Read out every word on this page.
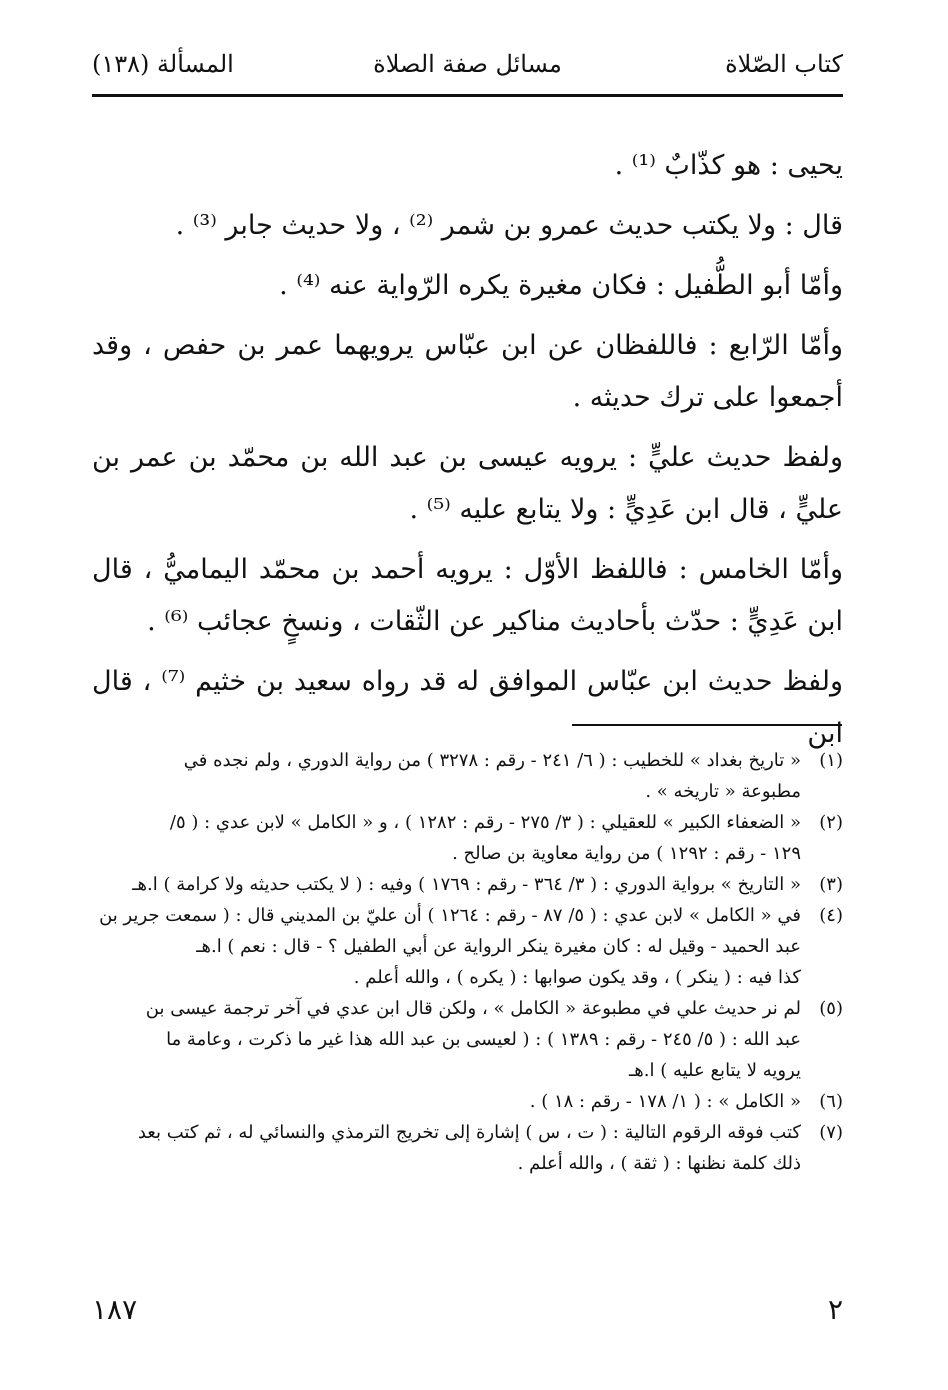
كتاب الصّلاة
مسائل صفة الصلاة
المسألة (١٣٨)

يحيى : هو كذّابٌ ⁽¹⁾ .

قال : ولا يكتب حديث عمرو بن شمر ⁽²⁾ ، ولا حديث جابر ⁽³⁾ .

وأمّا أبو الطُّفيل : فكان مغيرة يكره الرّواية عنه ⁽⁴⁾ .

وأمّا الرّابع : فاللفظان عن ابن عبّاس يرويهما عمر بن حفص ، وقد أجمعوا على ترك حديثه .

ولفظ حديث عليٍّ : يرويه عيسى بن عبد الله بن محمّد بن عمر بن عليٍّ ، قال ابن عَدِيٍّ : ولا يتابع عليه ⁽⁵⁾ .

وأمّا الخامس : فاللفظ الأوّل : يرويه أحمد بن محمّد اليماميُّ ، قال ابن عَدِيٍّ : حدّث بأحاديث مناكير عن الثّقات ، ونسخٍ عجائب ⁽⁶⁾ .

ولفظ حديث ابن عبّاس الموافق له قد رواه سعيد بن خثيم ⁽⁷⁾ ، قال ابن

(١)
« تاريخ بغداد » للخطيب : ( ٦/ ٢٤١ - رقم : ٣٢٧٨ ) من رواية الدوري ، ولم نجده في
مطبوعة « تاريخه » .
(٢)
« الضعفاء الكبير » للعقيلي : ( ٣/ ٢٧٥ - رقم : ١٢٨٢ ) ، و « الكامل » لابن عدي : ( ٥/
١٢٩ - رقم : ١٢٩٢ ) من رواية معاوية بن صالح .
(٣)
« التاريخ » برواية الدوري : ( ٣/ ٣٦٤ - رقم : ١٧٦٩ ) وفيه : ( لا يكتب حديثه ولا كرامة ) ا.هـ
(٤)
في « الكامل » لابن عدي : ( ٥/ ٨٧ - رقم : ١٢٦٤ ) أن عليّ بن المديني قال : ( سمعت جرير بن
عبد الحميد - وقيل له : كان مغيرة ينكر الرواية عن أبي الطفيل ؟ - قال : نعم ) ا.هـ
كذا فيه : ( ينكر ) ، وقد يكون صوابها : ( يكره ) ، والله أعلم .
(٥)
لم نر حديث علي في مطبوعة « الكامل » ، ولكن قال ابن عدي في آخر ترجمة عيسى بن
عبد الله : ( ٥/ ٢٤٥ - رقم : ١٣٨٩ ) : ( لعيسى بن عبد الله هذا غير ما ذكرت ، وعامة ما
يرويه لا يتابع عليه ) ا.هـ
(٦)
« الكامل » : ( ١/ ١٧٨ - رقم : ١٨ ) .
(٧)
كتب فوقه الرقوم التالية : ( ت ، س ) إشارة إلى تخريج الترمذي والنسائي له ، ثم كتب بعد
ذلك كلمة نظنها : ( ثقة ) ، والله أعلم .
١٨٧	٢
